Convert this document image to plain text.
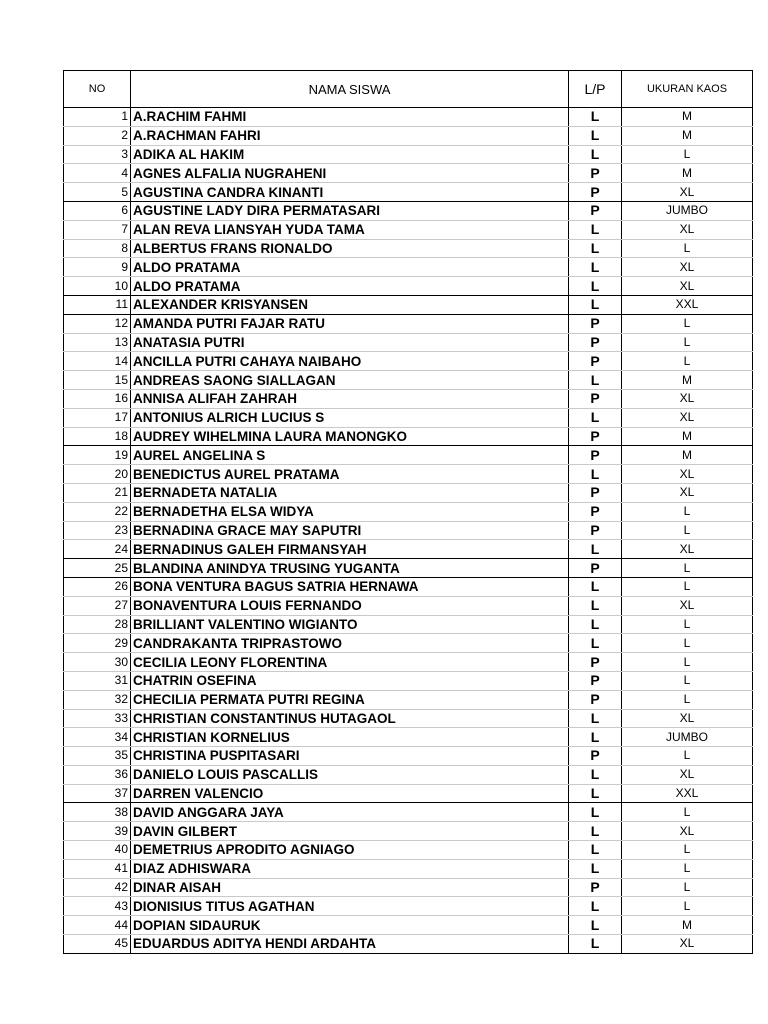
NO	NAMA SISWA	L/P	UKURAN KAOS
1	A.RACHIM FAHMI	L	M
2	A.RACHMAN FAHRI	L	M
3	ADIKA AL HAKIM	L	L
4	AGNES ALFALIA NUGRAHENI	P	M
5	AGUSTINA CANDRA KINANTI	P	XL
6	AGUSTINE LADY DIRA PERMATASARI	P	JUMBO
7	ALAN REVA LIANSYAH YUDA TAMA	L	XL
8	ALBERTUS FRANS RIONALDO	L	L
9	ALDO PRATAMA	L	XL
10	ALDO PRATAMA	L	XL
11	ALEXANDER KRISYANSEN	L	XXL
12	AMANDA PUTRI FAJAR RATU	P	L
13	ANATASIA PUTRI	P	L
14	ANCILLA PUTRI CAHAYA NAIBAHO	P	L
15	ANDREAS SAONG SIALLAGAN	L	M
16	ANNISA ALIFAH ZAHRAH	P	XL
17	ANTONIUS ALRICH LUCIUS S	L	XL
18	AUDREY WIHELMINA LAURA MANONGKO	P	M
19	AUREL ANGELINA S	P	M
20	BENEDICTUS AUREL PRATAMA	L	XL
21	BERNADETA NATALIA	P	XL
22	BERNADETHA ELSA WIDYA	P	L
23	BERNADINA GRACE MAY SAPUTRI	P	L
24	BERNADINUS GALEH FIRMANSYAH	L	XL
25	BLANDINA ANINDYA TRUSING YUGANTA	P	L
26	BONA VENTURA BAGUS SATRIA HERNAWA	L	L
27	BONAVENTURA LOUIS FERNANDO	L	XL
28	BRILLIANT VALENTINO WIGIANTO	L	L
29	CANDRAKANTA TRIPRASTOWO	L	L
30	CECILIA LEONY FLORENTINA	P	L
31	CHATRIN OSEFINA	P	L
32	CHECILIA PERMATA PUTRI REGINA	P	L
33	CHRISTIAN CONSTANTINUS HUTAGAOL	L	XL
34	CHRISTIAN KORNELIUS	L	JUMBO
35	CHRISTINA PUSPITASARI	P	L
36	DANIELO LOUIS PASCALLIS	L	XL
37	DARREN VALENCIO	L	XXL
38	DAVID ANGGARA JAYA	L	L
39	DAVIN GILBERT	L	XL
40	DEMETRIUS APRODITO AGNIAGO	L	L
41	DIAZ ADHISWARA	L	L
42	DINAR AISAH	P	L
43	DIONISIUS TITUS AGATHAN	L	L
44	DOPIAN SIDAURUK	L	M
45	EDUARDUS ADITYA HENDI ARDAHTA	L	XL
